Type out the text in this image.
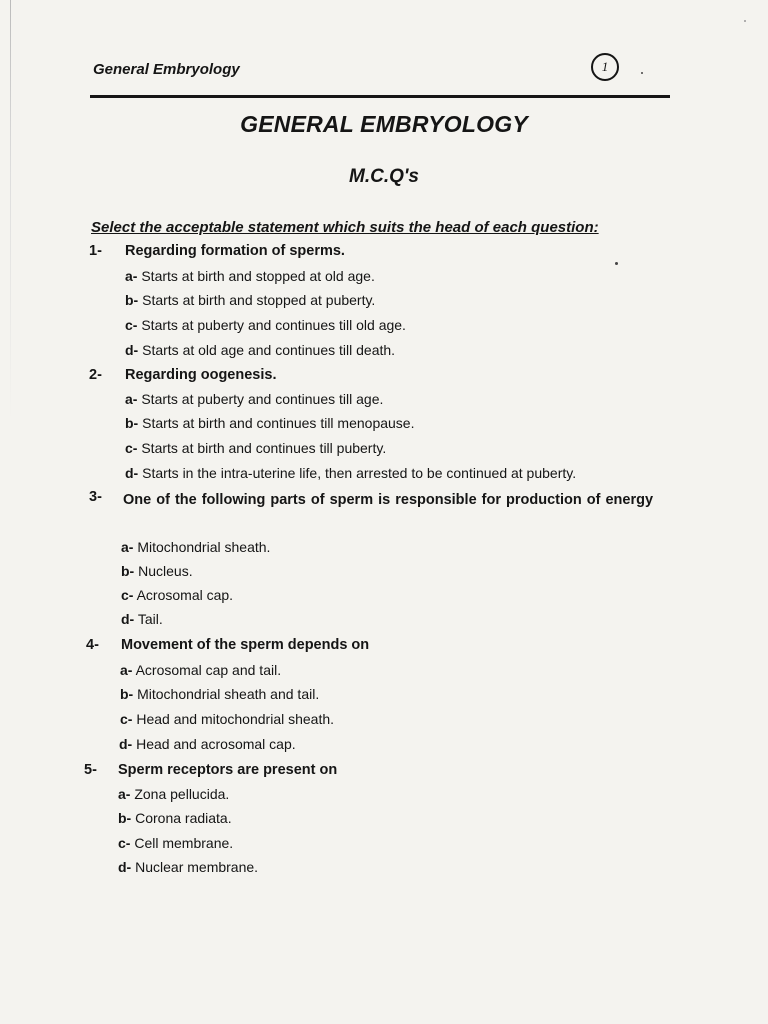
General Embryology	1
GENERAL EMBRYOLOGY
M.C.Q's
Select the acceptable statement which suits the head of each question:
1- Regarding formation of sperms.
a- Starts at birth and stopped at old age.
b- Starts at birth and stopped at puberty.
c- Starts at puberty and continues till old age.
d- Starts at old age and continues till death.
2- Regarding oogenesis.
a- Starts at puberty and continues till age.
b- Starts at birth and continues till menopause.
c- Starts at birth and continues till puberty.
d- Starts in the intra-uterine life, then arrested to be continued at puberty.
3- One of the following parts of sperm is responsible for production of energy
a- Mitochondrial sheath.
b- Nucleus.
c- Acrosomal cap.
d- Tail.
4- Movement of the sperm depends on
a- Acrosomal cap and tail.
b- Mitochondrial sheath and tail.
c- Head and mitochondrial sheath.
d- Head and acrosomal cap.
5- Sperm receptors are present on
a- Zona pellucida.
b- Corona radiata.
c- Cell membrane.
d- Nuclear membrane.
